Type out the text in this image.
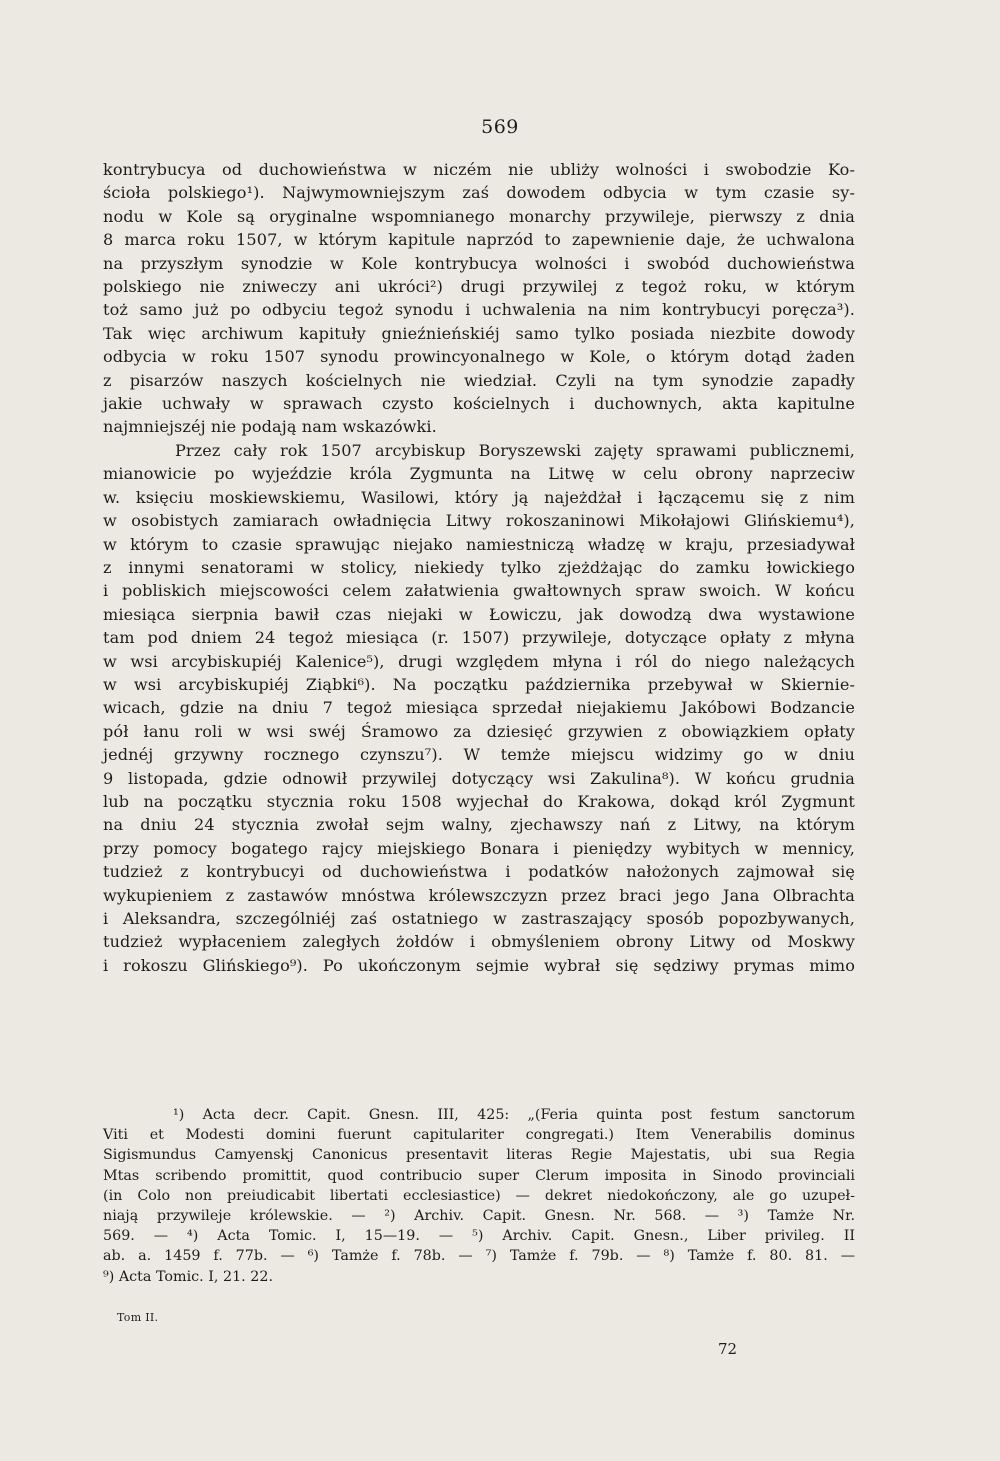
569
kontrybucya od duchowieństwa w niczém nie ubliży wolności i swobodzie Ko-
ścioła polskiego¹). Najwymowniejszym zaś dowodem odbycia w tym czasie sy-
nodu w Kole są oryginalne wspomnianego monarchy przywileje, pierwszy z dnia
8 marca roku 1507, w którym kapitule naprzód to zapewnienie daje, że uchwalona
na przyszłym synodzie w Kole kontrybucya wolności i swobód duchowieństwa
polskiego nie zniweczy ani ukróci²) drugi przywilej z tegoż roku, w którym
toż samo już po odbyciu tegoż synodu i uchwalenia na nim kontrybucyi poręcza³).
Tak więc archiwum kapituły gnieźnieńskiéj samo tylko posiada niezbite dowody
odbycia w roku 1507 synodu prowincyonalnego w Kole, o którym dotąd żaden
z pisarzów naszych kościelnych nie wiedział. Czyli na tym synodzie zapadły
jakie uchwały w sprawach czysto kościelnych i duchownych, akta kapitulne
najmniejszéj nie podają nam wskazówki.
Przez cały rok 1507 arcybiskup Boryszewski zajęty sprawami publicznemi,
mianowicie po wyjeździe króla Zygmunta na Litwę w celu obrony naprzeciw
w. księciu moskiewskiemu, Wasilowi, który ją najeżdżał i łączącemu się z nim
w osobistych zamiarach owładnięcia Litwy rokoszaninowi Mikołajowi Glińskiemu⁴),
w którym to czasie sprawując niejako namiestniczą władzę w kraju, przesiadywał
z innymi senatorami w stolicy, niekiedy tylko zjeżdżając do zamku łowickiego
i pobliskich miejscowości celem załatwienia gwałtownych spraw swoich. W końcu
miesiąca sierpnia bawił czas niejaki w Łowiczu, jak dowodzą dwa wystawione
tam pod dniem 24 tegoż miesiąca (r. 1507) przywileje, dotyczące opłaty z młyna
w wsi arcybiskupiéj Kalenice⁵), drugi względem młyna i ról do niego należących
w wsi arcybiskupiéj Ziąbki⁶). Na początku października przebywał w Skiernie-
wicach, gdzie na dniu 7 tegoż miesiąca sprzedał niejakiemu Jakóbowi Bodzancie
pół łanu roli w wsi swéj Śramowo za dziesięć grzywien z obowiązkiem opłaty
jednéj grzywny rocznego czynszu⁷). W temże miejscu widzimy go w dniu
9 listopada, gdzie odnowił przywilej dotyczący wsi Zakulina⁸). W końcu grudnia
lub na początku stycznia roku 1508 wyjechał do Krakowa, dokąd król Zygmunt
na dniu 24 stycznia zwołał sejm walny, zjechawszy nań z Litwy, na którym
przy pomocy bogatego rajcy miejskiego Bonara i pieniędzy wybitych w mennicy,
tudzież z kontrybucyi od duchowieństwa i podatków nałożonych zajmował się
wykupieniem z zastawów mnóstwa królewszczyzn przez braci jego Jana Olbrachta
i Aleksandra, szczególniéj zaś ostatniego w zastraszający sposób popozbywanych,
tudzież wypłaceniem zaległych żołdów i obmyśleniem obrony Litwy od Moskwy
i rokoszu Glińskiego⁹). Po ukończonym sejmie wybrał się sędziwy prymas mimo
¹) Acta decr. Capit. Gnesn. III, 425: „(Feria quinta post festum sanctorum
Viti et Modesti domini fuerunt capitulariter congregati.) Item Venerabilis dominus
Sigismundus Camyenskj Canonicus presentavit literas Regie Majestatis, ubi sua Regia
Mtas scribendo promittit, quod contribucio super Clerum imposita in Sinodo provinciali
(in Colo non preiudicabit libertati ecclesiastice) — dekret niedokończony, ale go uzupeł-
niają przywileje królewskie. — ²) Archiv. Capit. Gnesn. Nr. 568. — ³) Tamże Nr.
569. — ⁴) Acta Tomic. I, 15—19. — ⁵) Archiv. Capit. Gnesn., Liber privileg. II
ab. a. 1459 f. 77b. — ⁶) Tamże f. 78b. — ⁷) Tamże f. 79b. — ⁸) Tamże f. 80. 81. —
⁹) Acta Tomic. I, 21. 22.
Tom II.
72
